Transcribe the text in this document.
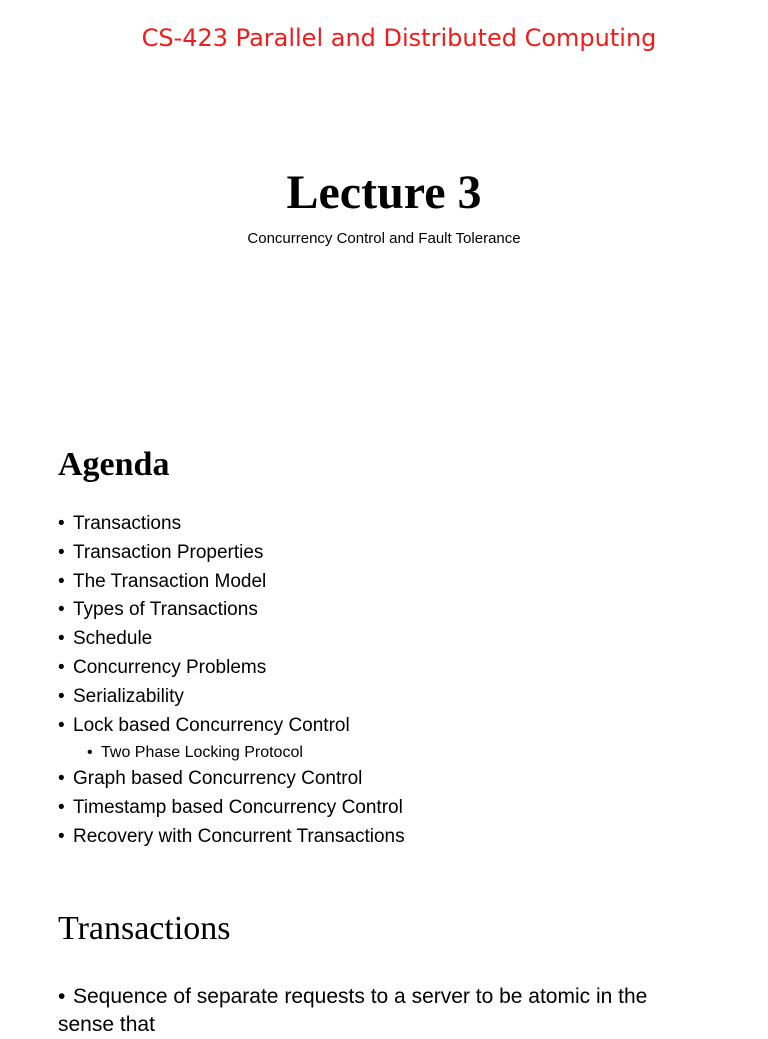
CS-423 Parallel and Distributed Computing
Lecture 3
Concurrency Control and Fault Tolerance
Agenda
• Transactions
• Transaction Properties
• The Transaction Model
• Types of Transactions
• Schedule
• Concurrency Problems
• Serializability
• Lock based Concurrency Control
• Two Phase Locking Protocol
• Graph based Concurrency Control
• Timestamp based Concurrency Control
• Recovery with Concurrent Transactions
Transactions
• Sequence of separate requests to a server to be atomic in the sense that
